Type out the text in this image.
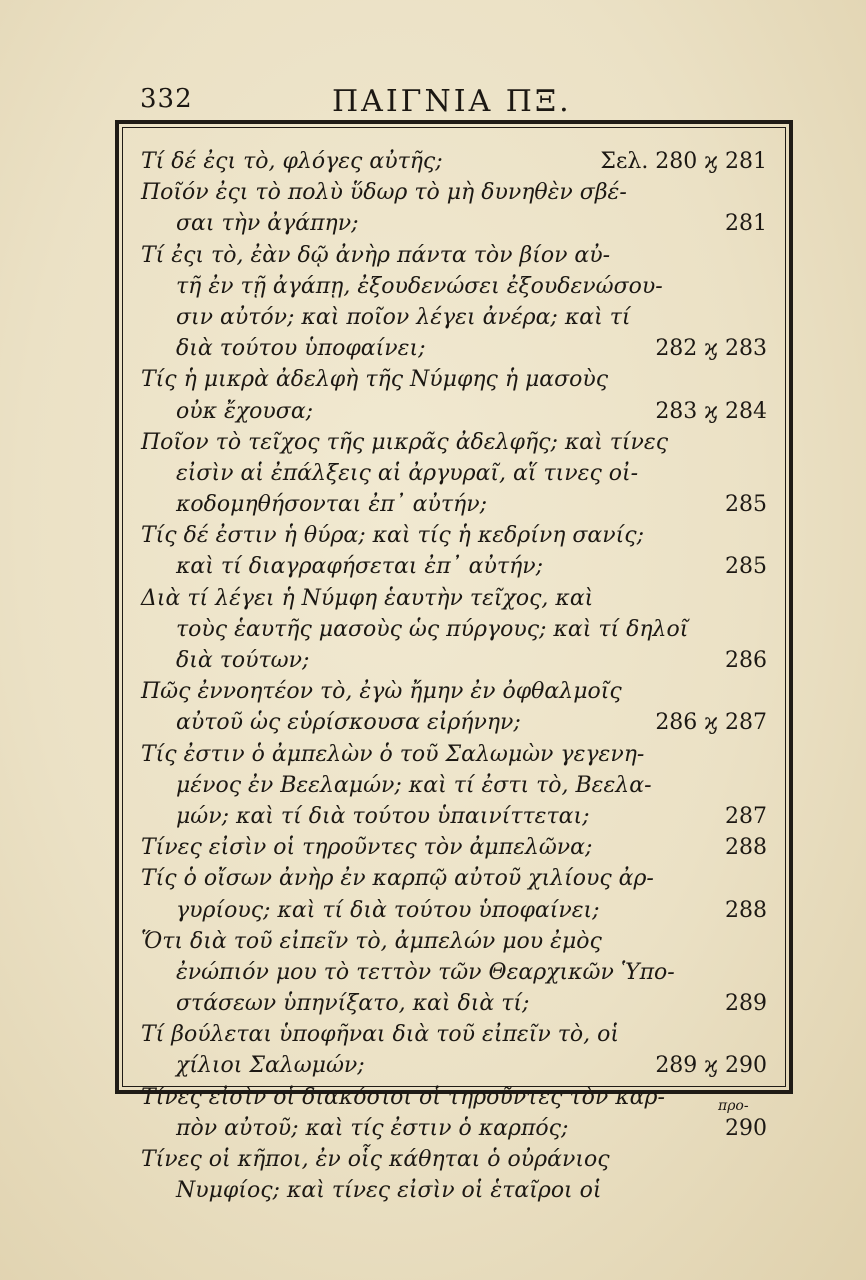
332	ΠΑΙΓΝΙΑ ΠΞ.
Τί δέ ἐςι τὸ, φλόγες αὐτῆς;	Σελ. 280 ϗ 281
Ποῖόν ἐςι τὸ πολὺ ὕδωρ τὸ μὴ δυνηθὲν σβέ-
σαι τὴν ἀγάπην;	281
Τί ἐςι τὸ, ἐὰν δῷ ἀνὴρ πάντα τὸν βίον αὐ-
τῆ ἐν τῇ ἀγάπῃ, ἐξουδενώσει ἐξουδενώσου-
σιν αὐτόν; καὶ ποῖον λέγει ἀνέρα; καὶ τί
διὰ τούτου ὑποφαίνει;	282 ϗ 283
Τίς ἡ μικρὰ ἀδελφὴ τῆς Νύμφης ἡ μασοὺς
οὐκ ἔχουσα;	283 ϗ 284
Ποῖον τὸ τεῖχος τῆς μικρᾶς ἀδελφῆς; καὶ τίνες
εἰσὶν αἱ ἐπάλξεις αἱ ἀργυραῖ, αἵ τινες οἰ-
κοδομηθήσονται ἐπ᾽ αὐτήν;	285
Τίς δέ ἐστιν ἡ θύρα; καὶ τίς ἡ κεδρίνη σανίς;
καὶ τί διαγραφήσεται ἐπ᾽ αὐτήν;	285
Διὰ τί λέγει ἡ Νύμφη ἑαυτὴν τεῖχος, καὶ
τοὺς ἑαυτῆς μασοὺς ὡς πύργους; καὶ τί δηλοῖ
διὰ τούτων;	286
Πῶς ἐννοητέον τὸ, ἐγὼ ἤμην ἐν ὀφθαλμοῖς
αὐτοῦ ὡς εὑρίσκουσα εἰρήνην;	286 ϗ 287
Τίς ἐστιν ὁ ἀμπελὼν ὁ τοῦ Σαλωμὼν γεγενη-
μένος ἐν Βεελαμών; καὶ τί ἐστι τὸ, Βεελα-
μών; καὶ τί διὰ τούτου ὑπαινίττεται;	287
Τίνες εἰσὶν οἱ τηροῦντες τὸν ἀμπελῶνα;	288
Τίς ὁ οἴσων ἀνὴρ ἐν καρπῷ αὐτοῦ χιλίους ἀρ-
γυρίους; καὶ τί διὰ τούτου ὑποφαίνει;	288
Ὅτι διὰ τοῦ εἰπεῖν τὸ, ἀμπελών μου ἐμὸς
ἐνώπιόν μου τὸ τεττὸν τῶν Θεαρχικῶν Ὑπο-
στάσεων ὑπηνίξατο, καὶ διὰ τί;	289
Τί βούλεται ὑποφῆναι διὰ τοῦ εἰπεῖν τὸ, οἱ
χίλιοι Σαλωμών;	289 ϗ 290
Τίνες εἰσὶν οἱ διακόσιοι οἱ τηροῦντες τὸν καρ-
πὸν αὐτοῦ; καὶ τίς ἐστιν ὁ καρπός;	290
Τίνες οἱ κῆποι, ἐν οἷς κάθηται ὁ οὐράνιος
Νυμφίος; καὶ τίνες εἰσὶν οἱ ἑταῖροι οἱ
προ-
